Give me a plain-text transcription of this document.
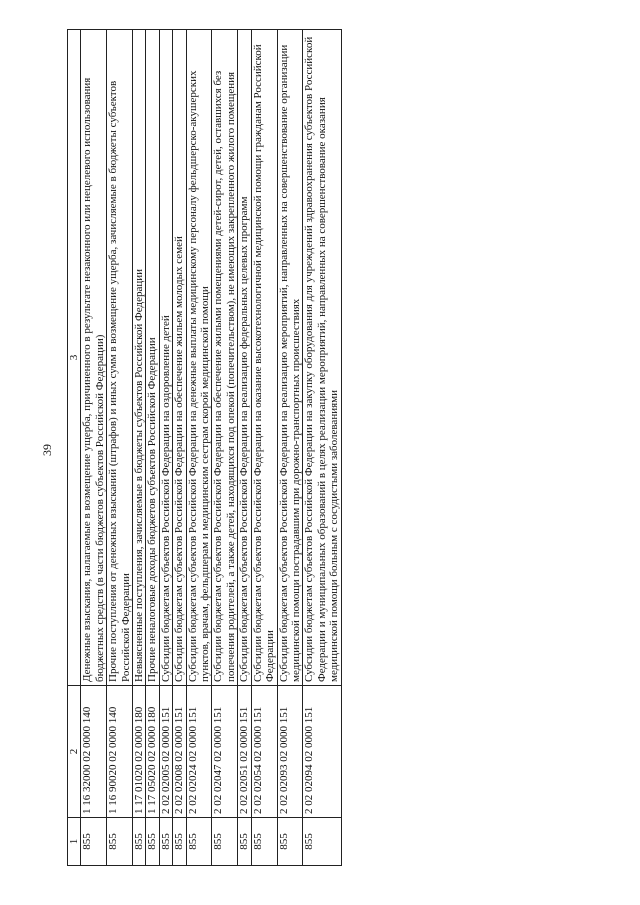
39
1	2	3
855	1 16 32000 02 0000 140	Денежные взыскания, налагаемые в возмещение ущерба, причиненного в результате незаконного или нецелевого использования бюджетных средств (в части бюджетов субъектов Российской Федерации)
855	1 16 90020 02 0000 140	Прочие поступления от денежных взысканий (штрафов) и иных сумм в возмещение ущерба, зачисляемые в бюджеты субъектов Российской Федерации
855	1 17 01020 02 0000 180	Невыясненные поступления, зачисляемые в бюджеты субъектов Российской Федерации
855	1 17 05020 02 0000 180	Прочие неналоговые доходы бюджетов субъектов Российской Федерации
855	2 02 02005 02 0000 151	Субсидии бюджетам субъектов Российской Федерации на оздоровление детей
855	2 02 02008 02 0000 151	Субсидии бюджетам субъектов Российской Федерации на обеспечение жильем молодых семей
855	2 02 02024 02 0000 151	Субсидии бюджетам субъектов Российской Федерации на денежные выплаты медицинскому персоналу фельдшерско-акушерских пунктов, врачам, фельдшерам и медицинским сестрам скорой медицинской помощи
855	2 02 02047 02 0000 151	Субсидии бюджетам субъектов Российской Федерации на обеспечение жилыми помещениями детей-сирот, детей, оставшихся без попечения родителей, а также детей, находящихся под опекой (попечительством), не имеющих закрепленного жилого помещения
855	2 02 02051 02 0000 151	Субсидии бюджетам субъектов Российской Федерации на реализацию федеральных целевых программ
855	2 02 02054 02 0000 151	Субсидии бюджетам субъектов Российской Федерации на оказание высокотехнологичной медицинской помощи гражданам Российской Федерации
855	2 02 02093 02 0000 151	Субсидии бюджетам субъектов Российской Федерации на реализацию мероприятий, направленных на совершенствование организации медицинской помощи пострадавшим при дорожно-транспортных происшествиях
855	2 02 02094 02 0000 151	Субсидии бюджетам субъектов Российской Федерации на закупку оборудования для учреждений здравоохранения субъектов Российской Федерации и муниципальных образований в целях реализации мероприятий, направленных на совершенствование оказания медицинской помощи больным с сосудистыми заболеваниями
